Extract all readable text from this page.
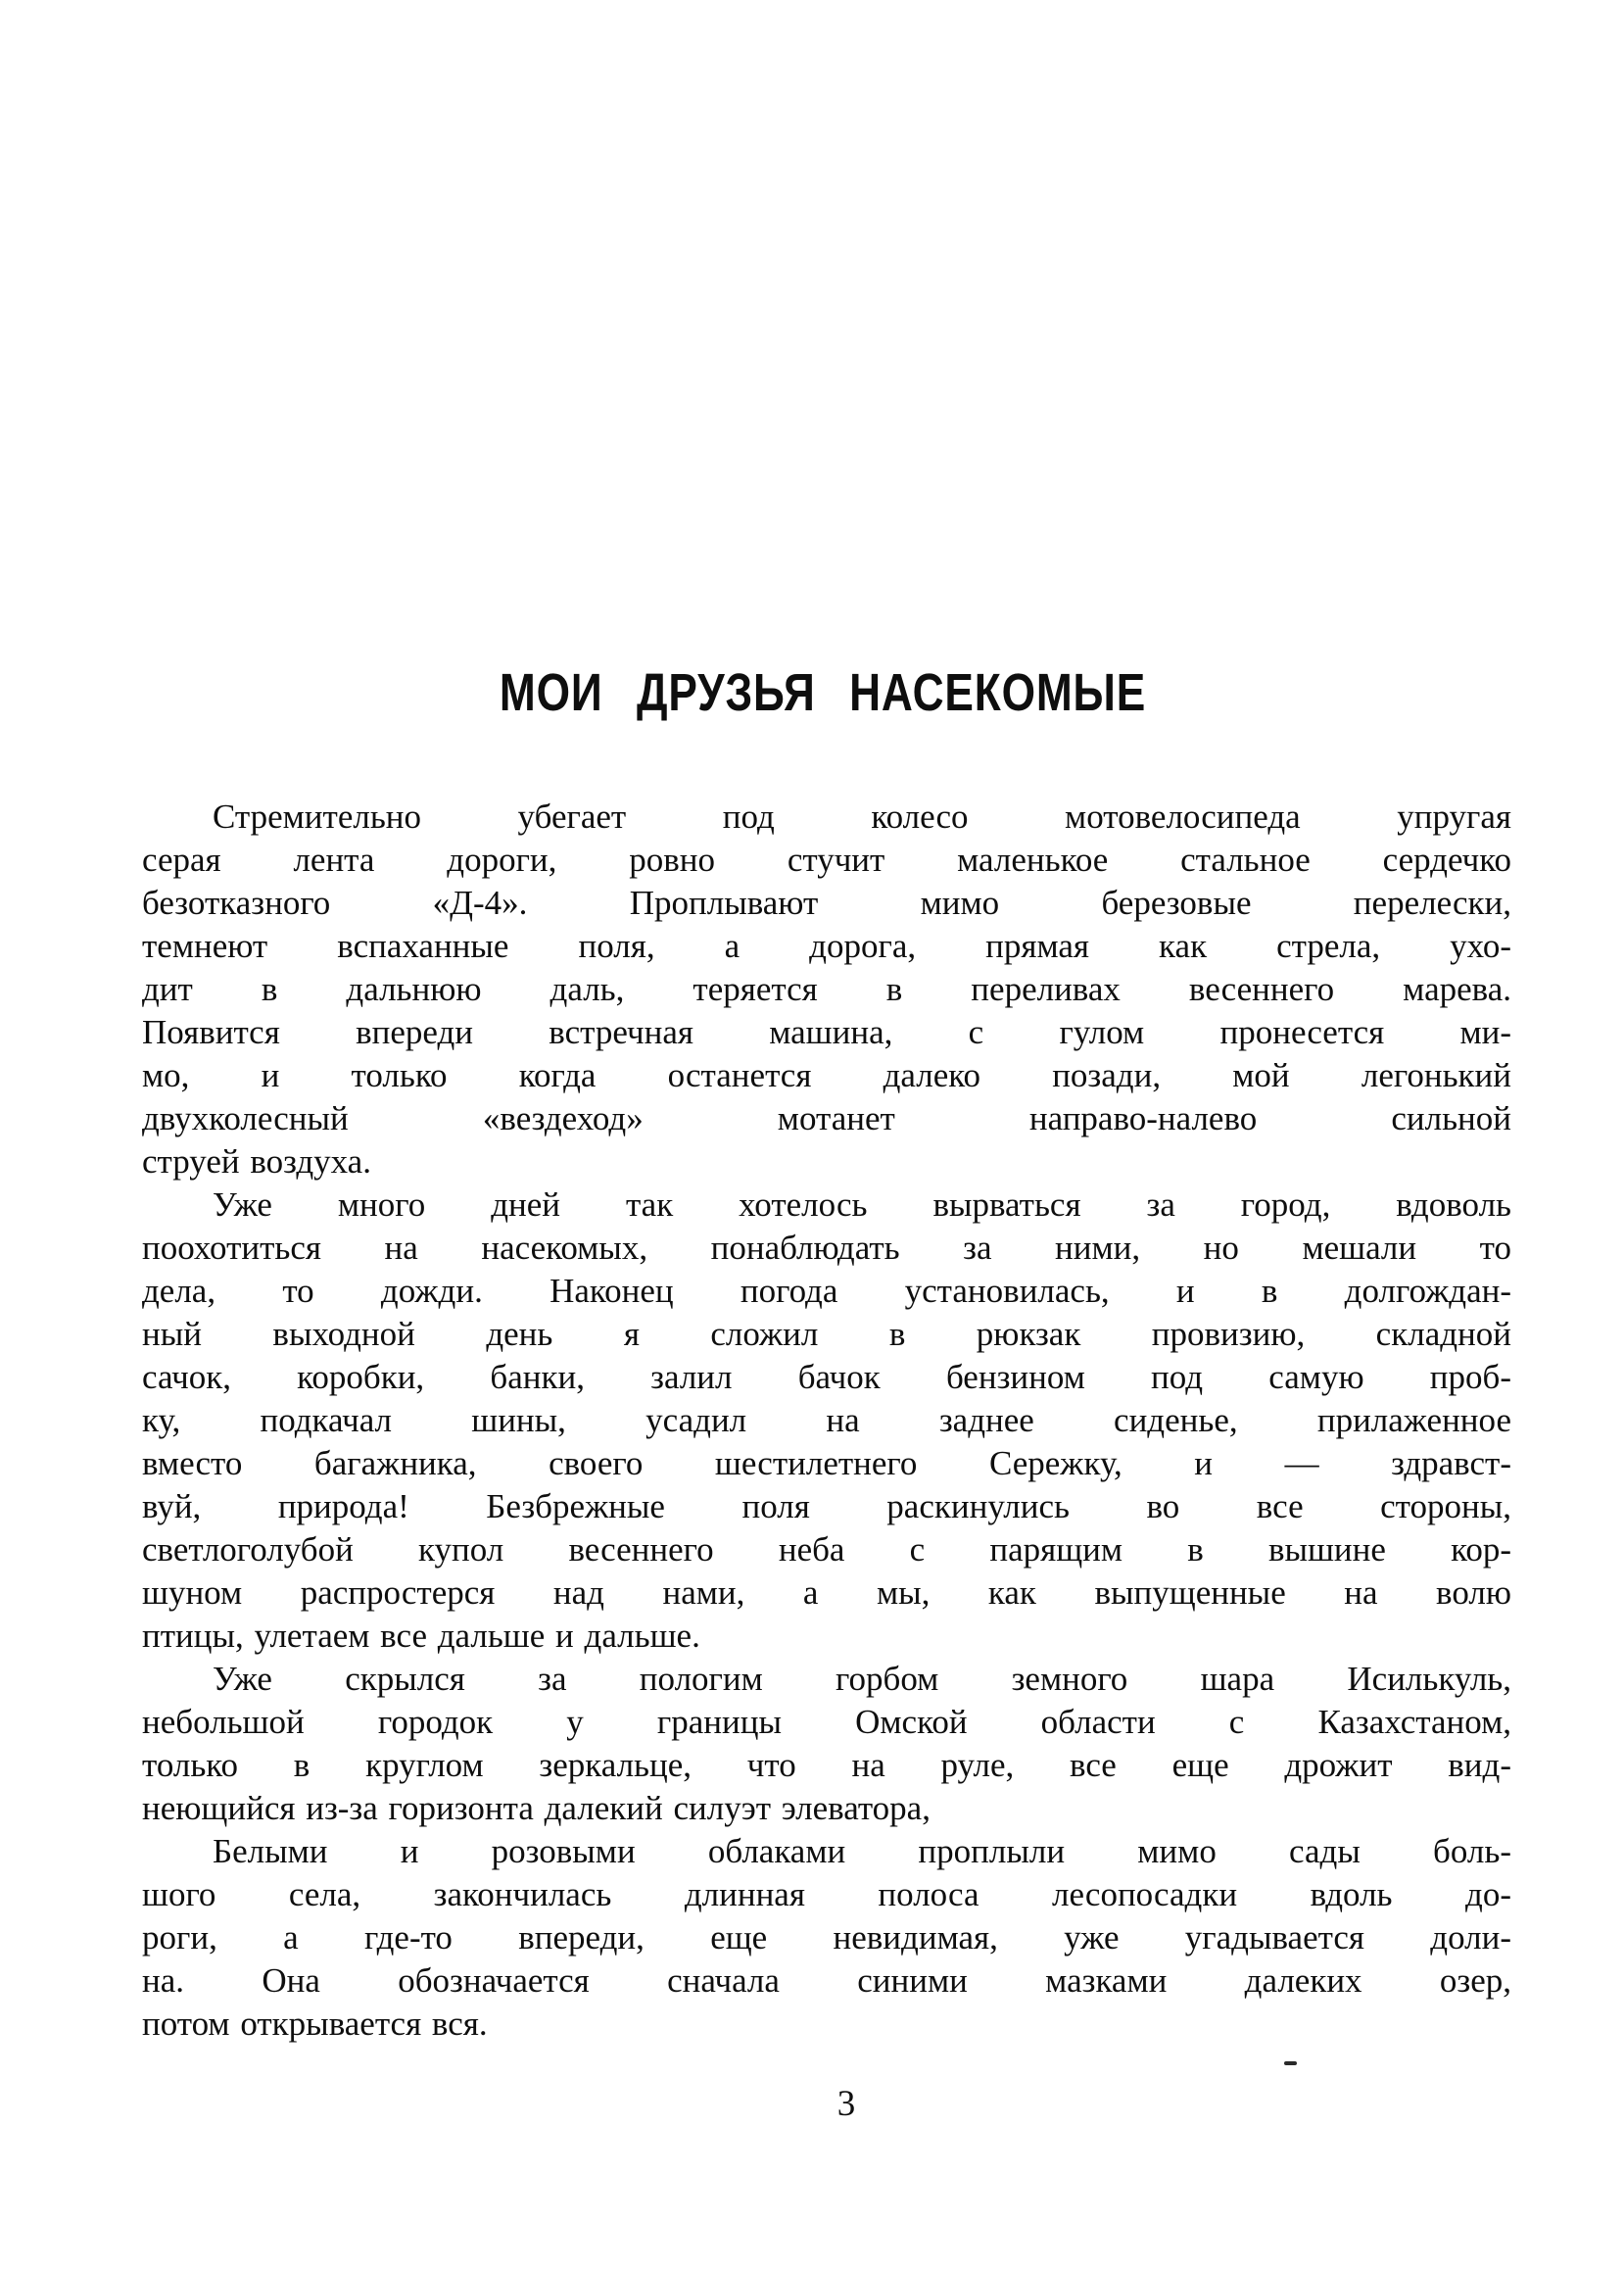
МОИ ДРУЗЬЯ НАСЕКОМЫЕ
Стремительно убегает под колесо мотовелосипеда упругая
серая лента дороги, ровно стучит маленькое стальное сердечко
безотказного «Д-4». Проплывают мимо березовые перелески,
темнеют вспаханные поля, а дорога, прямая как стрела, ухо-
дит в дальнюю даль, теряется в переливах весеннего марева.
Появится впереди встречная машина, с гулом пронесется ми-
мо, и только когда останется далеко позади, мой легонький
двухколесный «вездеход» мотанет направо-налево сильной
струей воздуха.
Уже много дней так хотелось вырваться за город, вдоволь
поохотиться на насекомых, понаблюдать за ними, но мешали то
дела, то дожди. Наконец погода установилась, и в долгождан-
ный выходной день я сложил в рюкзак провизию, складной
сачок, коробки, банки, залил бачок бензином под самую проб-
ку, подкачал шины, усадил на заднее сиденье, прилаженное
вместо багажника, своего шестилетнего Сережку, и — здравст-
вуй, природа! Безбрежные поля раскинулись во все стороны,
светлоголубой купол весеннего неба с парящим в вышине кор-
шуном распростерся над нами, а мы, как выпущенные на волю
птицы, улетаем все дальше и дальше.
Уже скрылся за пологим горбом земного шара Исилькуль,
небольшой городок у границы Омской области с Казахстаном,
только в круглом зеркальце, что на руле, все еще дрожит вид-
неющийся из-за горизонта далекий силуэт элеватора,
Белыми и розовыми облаками проплыли мимо сады боль-
шого села, закончилась длинная полоса лесопосадки вдоль до-
роги, а где-то впереди, еще невидимая, уже угадывается доли-
на. Она обозначается сначала синими мазками далеких озер,
потом открывается вся.
3
